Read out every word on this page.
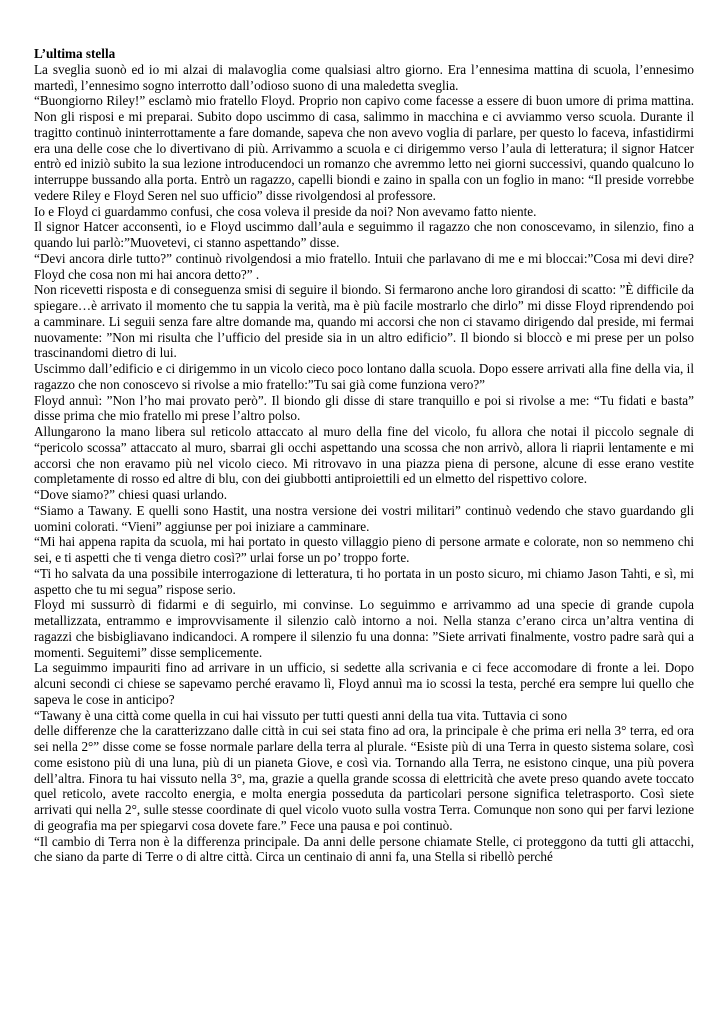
L’ultima stella

La sveglia suonò ed io mi alzai di malavoglia come qualsiasi altro giorno. Era l’ennesima mattina di scuola, l’ennesimo martedì, l’ennesimo sogno interrotto dall’odioso suono di una maledetta sveglia.

“Buongiorno Riley!” esclamò mio fratello Floyd. Proprio non capivo come facesse a essere di buon umore di prima mattina. Non gli risposi e mi preparai. Subito dopo uscimmo di casa, salimmo in macchina e ci avviammo verso scuola. Durante il tragitto continuò ininterrottamente a fare domande, sapeva che non avevo voglia di parlare, per questo lo faceva, infastidirmi era una delle cose che lo divertivano di più. Arrivammo a scuola e ci dirigemmo verso l’aula di letteratura; il signor Hatcer entrò ed iniziò subito la sua lezione introducendoci un romanzo che avremmo letto nei giorni successivi, quando qualcuno lo interruppe bussando alla porta. Entrò un ragazzo, capelli biondi e zaino in spalla con un foglio in mano: “Il preside vorrebbe vedere Riley e Floyd Seren nel suo ufficio” disse rivolgendosi al professore.

Io e Floyd ci guardammo confusi, che cosa voleva il preside da noi? Non avevamo fatto niente.

Il signor Hatcer acconsentì, io e Floyd uscimmo dall’aula e seguimmo il ragazzo che non conoscevamo, in silenzio, fino a quando lui parlò:”Muovetevi, ci stanno aspettando” disse.

“Devi ancora dirle tutto?” continuò rivolgendosi a mio fratello. Intuii che parlavano di me e mi bloccai:”Cosa mi devi dire? Floyd che cosa non mi hai ancora detto?” .

Non ricevetti risposta e di conseguenza smisi di seguire il biondo. Si fermarono anche loro girandosi di scatto: ”È difficile da spiegare…è arrivato il momento che tu sappia la verità, ma è più facile mostrarlo che dirlo” mi disse Floyd riprendendo poi a camminare. Li seguii senza fare altre domande ma, quando mi accorsi che non ci stavamo dirigendo dal preside, mi fermai nuovamente: ”Non mi risulta che l’ufficio del preside sia in un altro edificio”. Il biondo si bloccò e mi prese per un polso trascinandomi dietro di lui.

Uscimmo dall’edificio e ci dirigemmo in un vicolo cieco poco lontano dalla scuola. Dopo essere arrivati alla fine della via, il ragazzo che non conoscevo si rivolse a mio fratello:”Tu sai già come funziona vero?”

Floyd annuì: ”Non l’ho mai provato però”. Il biondo gli disse di stare tranquillo e poi si rivolse a me: “Tu fidati e basta” disse prima che mio fratello mi prese l’altro polso.

Allungarono la mano libera sul reticolo attaccato al muro della fine del vicolo, fu allora che notai il piccolo segnale di “pericolo scossa” attaccato al muro, sbarrai gli occhi aspettando una scossa che non arrivò, allora li riaprii lentamente e mi accorsi che non eravamo più nel vicolo cieco. Mi ritrovavo in una piazza piena di persone, alcune di esse erano vestite completamente di rosso ed altre di blu, con dei giubbotti antiproiettili ed un elmetto del rispettivo colore.

“Dove siamo?” chiesi quasi urlando.

“Siamo a Tawany. E quelli sono Hastit, una nostra versione dei vostri militari” continuò vedendo che stavo guardando gli uomini colorati. “Vieni” aggiunse per poi iniziare a camminare.

“Mi hai appena rapita da scuola, mi hai portato in questo villaggio pieno di persone armate e colorate, non so nemmeno chi sei, e ti aspetti che ti venga dietro così?” urlai forse un po’ troppo forte.

“Ti ho salvata da una possibile interrogazione di letteratura, ti ho portata in un posto sicuro, mi chiamo Jason Tahti, e sì, mi aspetto che tu mi segua” rispose serio.

Floyd mi sussurrò di fidarmi e di seguirlo, mi convinse. Lo seguimmo e arrivammo ad una specie di grande cupola metallizzata, entrammo e improvvisamente il silenzio calò intorno a noi. Nella stanza c’erano circa un’altra ventina di ragazzi che bisbigliavano indicandoci. A rompere il silenzio fu una donna: ”Siete arrivati finalmente, vostro padre sarà qui a momenti. Seguitemi” disse semplicemente.

La seguimmo impauriti fino ad arrivare in un ufficio, si sedette alla scrivania e ci fece accomodare di fronte a lei. Dopo alcuni secondi ci chiese se sapevamo perché eravamo lì, Floyd annuì ma io scossi la testa, perché era sempre lui quello che sapeva le cose in anticipo?

“Tawany è una città come quella in cui hai vissuto per tutti questi anni della tua vita. Tuttavia ci sono

delle differenze che la caratterizzano dalle città in cui sei stata fino ad ora, la principale è che prima eri nella 3° terra, ed ora sei nella 2°” disse come se fosse normale parlare della terra al plurale. “Esiste più di una Terra in questo sistema solare, così come esistono più di una luna, più di un pianeta Giove, e così via. Tornando alla Terra, ne esistono cinque, una più povera dell’altra. Finora tu hai vissuto nella 3°, ma, grazie a quella grande scossa di elettricità che avete preso quando avete toccato quel reticolo, avete raccolto energia, e molta energia posseduta da particolari persone significa teletrasporto. Così siete arrivati qui nella 2°, sulle stesse coordinate di quel vicolo vuoto sulla vostra Terra. Comunque non sono qui per farvi lezione di geografia ma per spiegarvi cosa dovete fare.” Fece una pausa e poi continuò.

“Il cambio di Terra non è la differenza principale. Da anni delle persone chiamate Stelle, ci proteggono da tutti gli attacchi, che siano da parte di Terre o di altre città. Circa un centinaio di anni fa, una Stella si ribellò perché
